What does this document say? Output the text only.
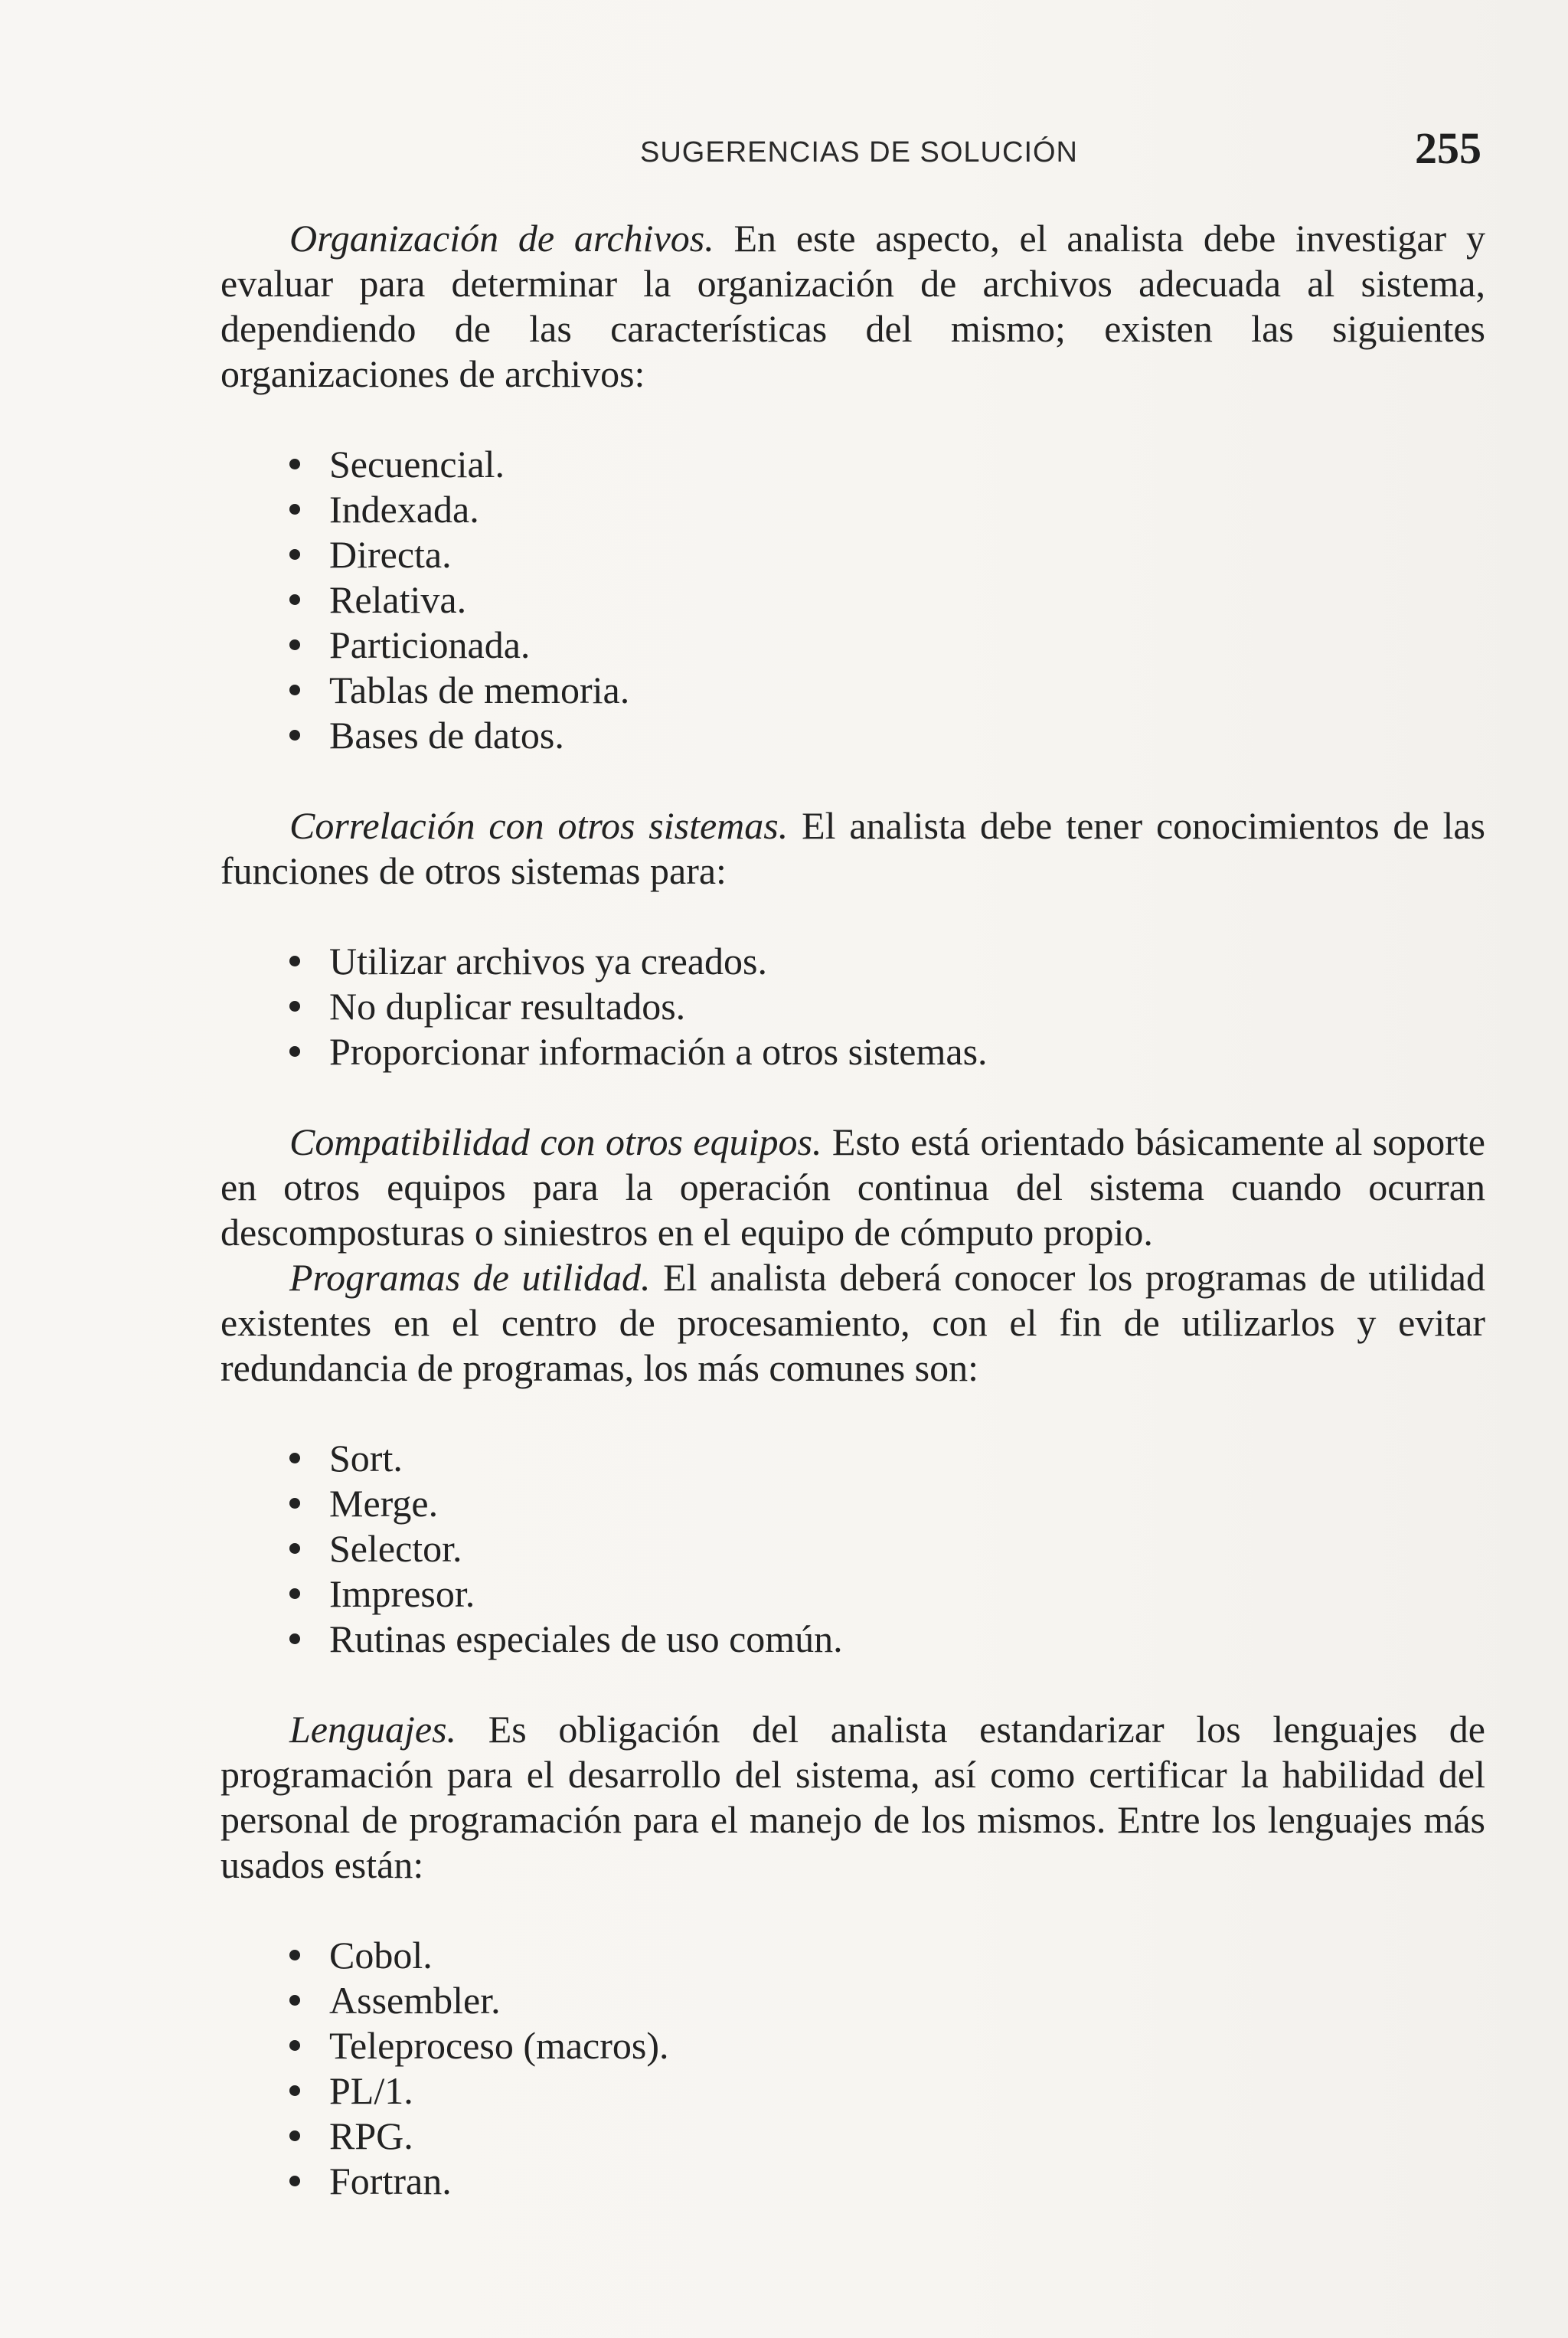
SUGERENCIAS DE SOLUCIÓN	255

Organización de archivos. En este aspecto, el analista debe investigar y evaluar para determinar la organización de archivos adecuada al sistema, dependiendo de las características del mismo; existen las siguientes organizaciones de archivos:

Secuencial.
Indexada.
Directa.
Relativa.
Particionada.
Tablas de memoria.
Bases de datos.

Correlación con otros sistemas. El analista debe tener conocimientos de las funciones de otros sistemas para:

Utilizar archivos ya creados.
No duplicar resultados.
Proporcionar información a otros sistemas.

Compatibilidad con otros equipos. Esto está orientado básicamente al soporte en otros equipos para la operación continua del sistema cuando ocurran descomposturas o siniestros en el equipo de cómputo propio.

Programas de utilidad. El analista deberá conocer los programas de utilidad existentes en el centro de procesamiento, con el fin de utilizarlos y evitar redundancia de programas, los más comunes son:

Sort.
Merge.
Selector.
Impresor.
Rutinas especiales de uso común.

Lenguajes. Es obligación del analista estandarizar los lenguajes de programación para el desarrollo del sistema, así como certificar la habilidad del personal de programación para el manejo de los mismos. Entre los lenguajes más usados están:

Cobol.
Assembler.
Teleproceso (macros).
PL/1.
RPG.
Fortran.
